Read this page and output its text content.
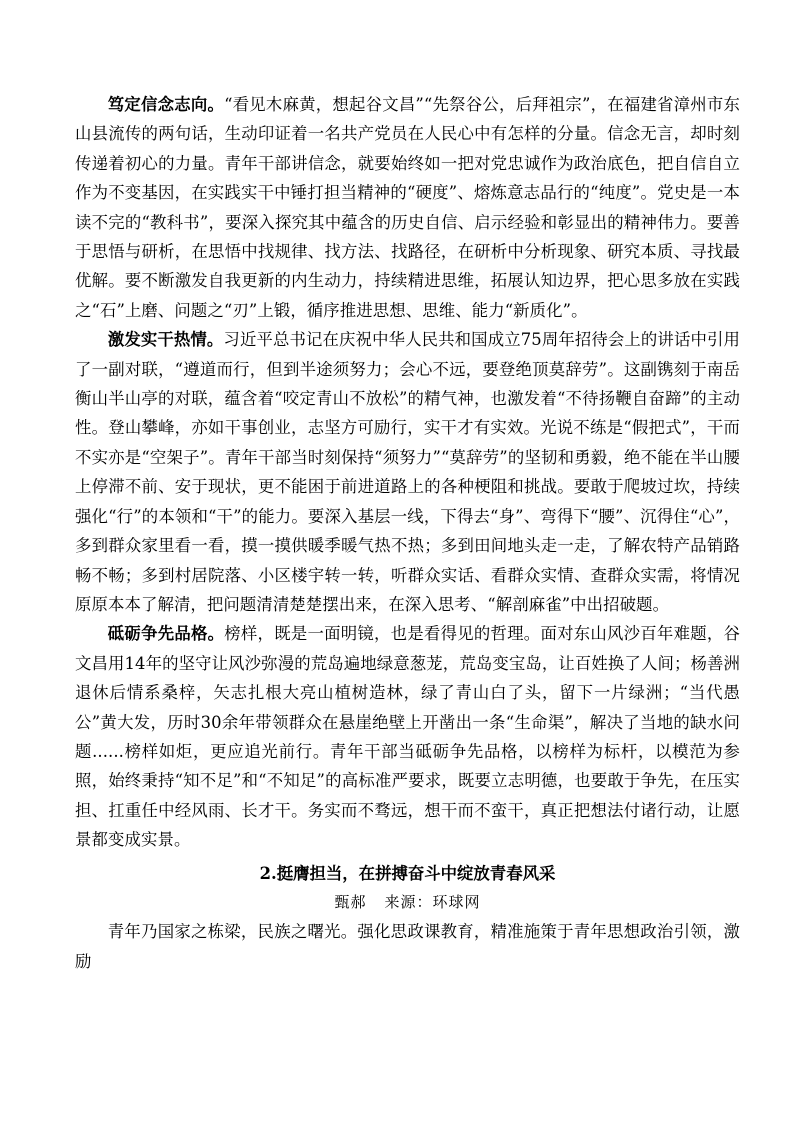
笃定信念志向。“看见木麻黄，想起谷文昌”“先祭谷公，后拜祖宗”，在福建省漳州市东山县流传的两句话，生动印证着一名共产党员在人民心中有怎样的分量。信念无言，却时刻传递着初心的力量。青年干部讲信念，就要始终如一把对党忠诚作为政治底色，把自信自立作为不变基因，在实践实干中锤打担当精神的“硬度”、熔炼意志品行的“纯度”。党史是一本读不完的“教科书”，要深入探究其中蕴含的历史自信、启示经验和彰显出的精神伟力。要善于思悟与研析，在思悟中找规律、找方法、找路径，在研析中分析现象、研究本质、寻找最优解。要不断激发自我更新的内生动力，持续精进思维，拓展认知边界，把心思多放在实践之“石”上磨、问题之“刃”上锻，循序推进思想、思维、能力“新质化”。

激发实干热情。习近平总书记在庆祝中华人民共和国成立75周年招待会上的讲话中引用了一副对联，“遵道而行，但到半途须努力；会心不远，要登绝顶莫辞劳”。这副镌刻于南岳衡山半山亭的对联，蕴含着“咬定青山不放松”的精气神，也激发着“不待扬鞭自奋蹄”的主动性。登山攀峰，亦如干事创业，志坚方可励行，实干才有实效。光说不练是“假把式”，干而不实亦是“空架子”。青年干部当时刻保持“须努力”“莫辞劳”的坚韧和勇毅，绝不能在半山腰上停滞不前、安于现状，更不能困于前进道路上的各种梗阻和挑战。要敢于爬坡过坎，持续强化“行”的本领和“干”的能力。要深入基层一线，下得去“身”、弯得下“腰”、沉得住“心”，多到群众家里看一看，摸一摸供暖季暖气热不热；多到田间地头走一走，了解农特产品销路畅不畅；多到村居院落、小区楼宇转一转，听群众实话、看群众实情、查群众实需，将情况原原本本了解清，把问题清清楚楚摆出来，在深入思考、“解剖麻雀”中出招破题。

砥砺争先品格。榜样，既是一面明镜，也是看得见的哲理。面对东山风沙百年难题，谷文昌用14年的坚守让风沙弥漫的荒岛遍地绿意葱茏，荒岛变宝岛，让百姓换了人间；杨善洲退休后情系桑梓，矢志扎根大亮山植树造林，绿了青山白了头，留下一片绿洲；“当代愚公”黄大发，历时30余年带领群众在悬崖绝壁上开凿出一条“生命渠”，解决了当地的缺水问题......榜样如炬，更应追光前行。青年干部当砥砺争先品格，以榜样为标杆，以模范为参照，始终秉持“知不足”和“不知足”的高标准严要求，既要立志明德，也要敢于争先，在压实担、扛重任中经风雨、长才干。务实而不骛远，想干而不蛮干，真正把想法付诸行动，让愿景都变成实景。

2.挺膺担当，在拼搏奋斗中绽放青春风采

甄郝 来源：环球网

青年乃国家之栋梁，民族之曙光。强化思政课教育，精准施策于青年思想政治引领，激励
